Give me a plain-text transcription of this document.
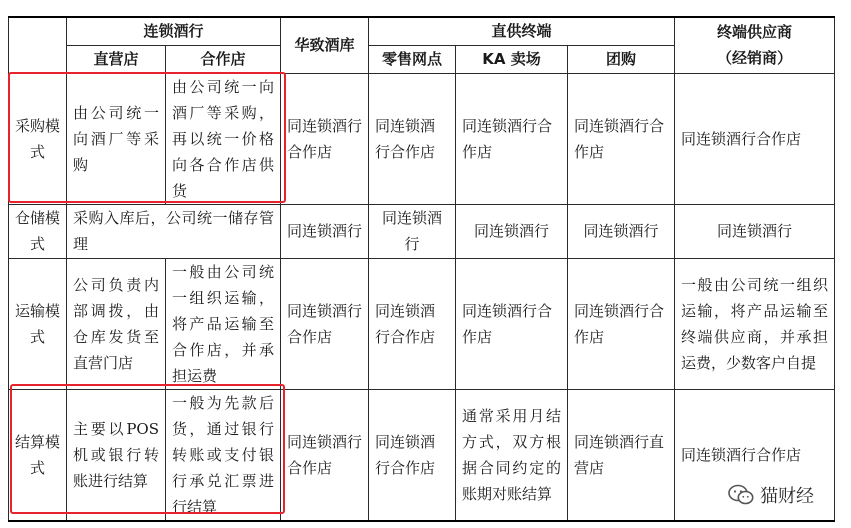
	连锁酒行		华致酒库	直供终端			终端供应商
（经销商）

	直营店	合作店		零售网点	KA 卖场	团购	
采购模式	由公司统一向酒厂等采购	由公司统一向酒厂等采购，再以统一价格向各合作店供货	同连锁酒行合作店	同连锁酒行合作店	同连锁酒行合作店	同连锁酒行合作店	同连锁酒行合作店
仓储模式	采购入库后，公司统一储存管理		同连锁酒行	同连锁酒行	同连锁酒行	同连锁酒行	同连锁酒行
运输模式	公司负责内部调拨，由仓库发货至直营门店	一般由公司统一组织运输，将产品运输至合作店，并承担运费	同连锁酒行合作店	同连锁酒行合作店	同连锁酒行合作店	同连锁酒行合作店	一般由公司统一组织运输，将产品运输至终端供应商，并承担运费，少数客户自提
结算模式	主要以POS 机或银行转账进行结算	一般为先款后货，通过银行转账或支付银行承兑汇票进行结算	同连锁酒行合作店	同连锁酒行合作店	通常采用月结方式，双方根据合同约定的账期对账结算	同连锁酒行直营店	同连锁酒行合作店
猫财经
